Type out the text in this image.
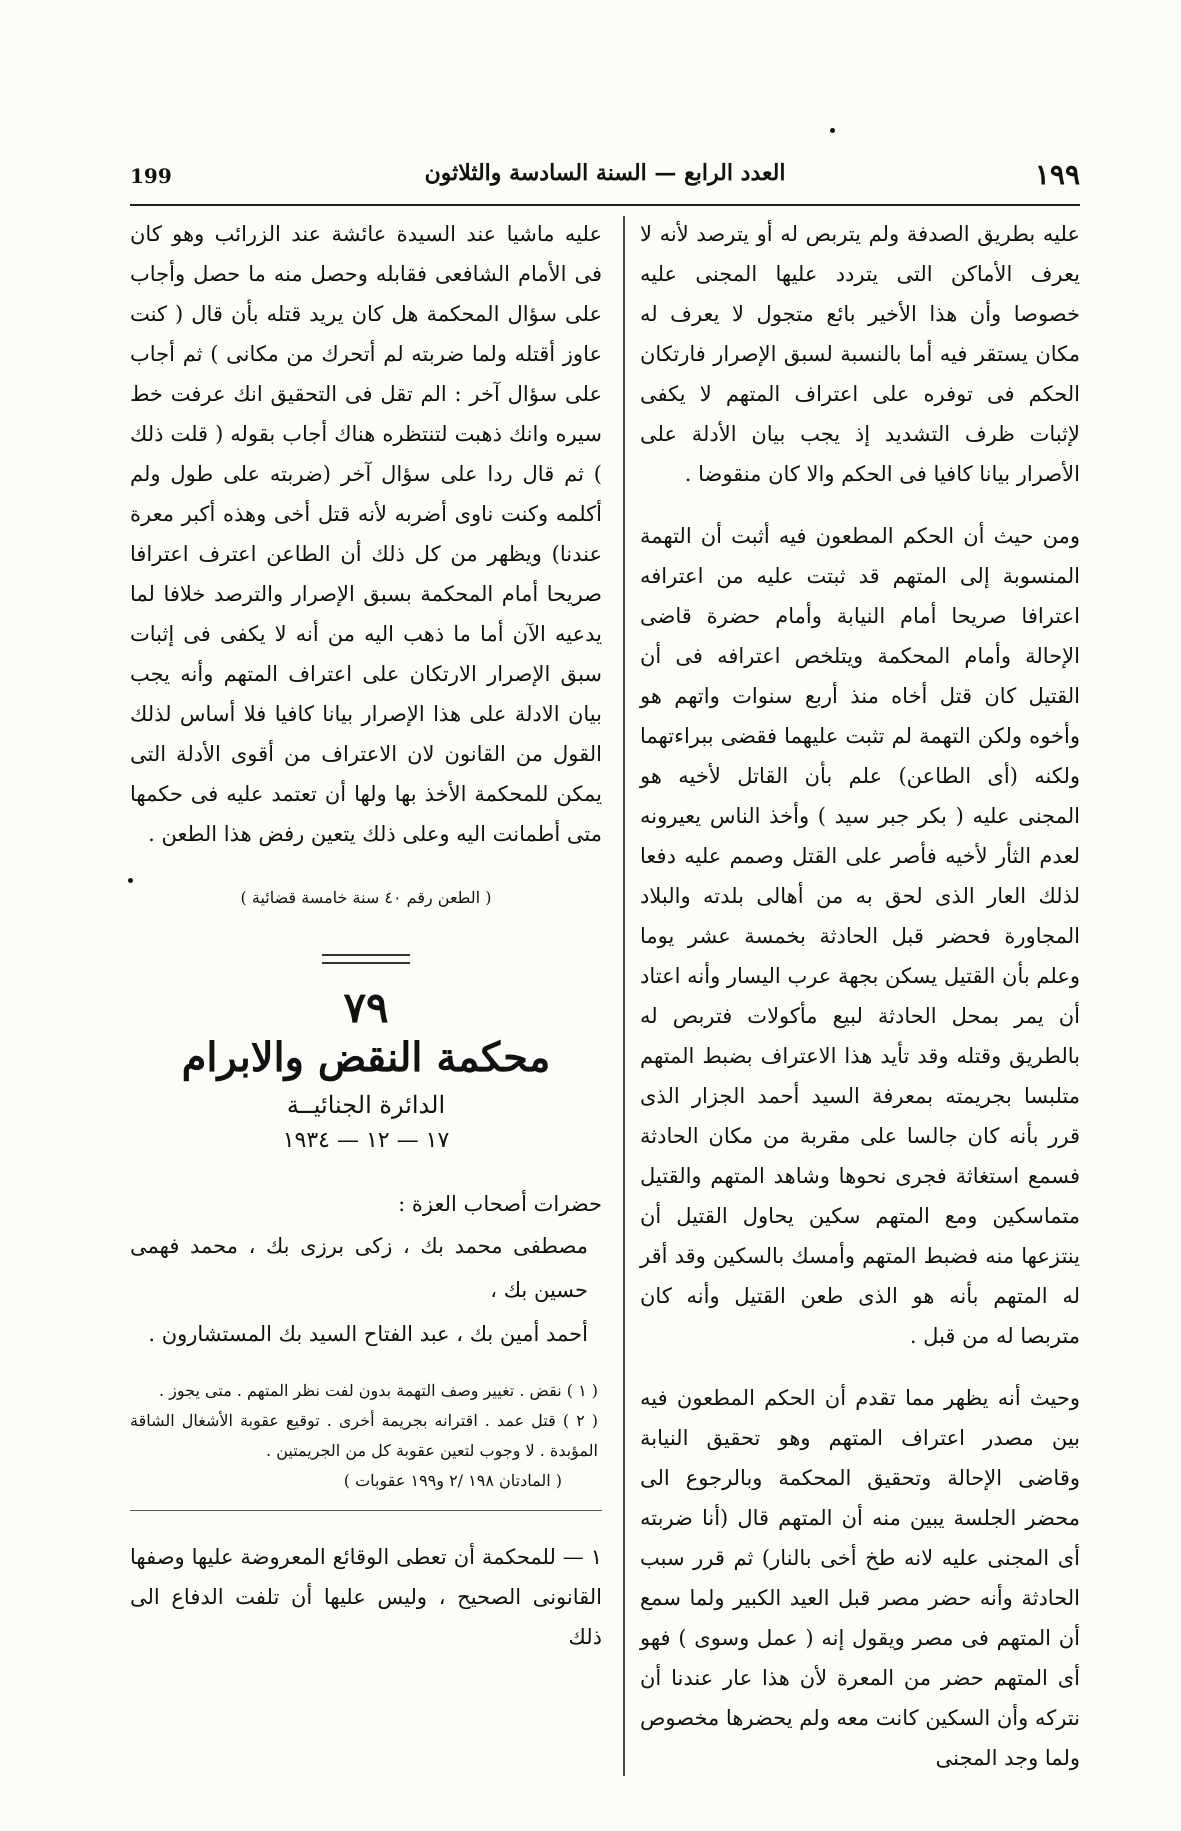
١٩٩
العدد الرابع — السنة السادسة والثلاثون
199

عليه بطريق الصدفة ولم يتربص له أو يترصد لأنه لا يعرف الأماكن التى يتردد عليها المجنى عليه خصوصا وأن هذا الأخير بائع متجول لا يعرف له مكان يستقر فيه أما بالنسبة لسبق الإصرار فارتكان الحكم فى توفره على اعتراف المتهم لا يكفى لإثبات ظرف التشديد إذ يجب بيان الأدلة على الأصرار بيانا كافيا فى الحكم والا كان منقوضا .

ومن حيث أن الحكم المطعون فيه أثبت أن التهمة المنسوبة إلى المتهم قد ثبتت عليه من اعترافه اعترافا صريحا أمام النيابة وأمام حضرة قاضى الإحالة وأمام المحكمة ويتلخص اعترافه فى أن القتيل كان قتل أخاه منذ أربع سنوات واتهم هو وأخوه ولكن التهمة لم تثبت عليهما فقضى ببراءتهما ولكنه (أى الطاعن) علم بأن القاتل لأخيه هو المجنى عليه ( بكر جبر سيد ) وأخذ الناس يعيرونه لعدم الثأر لأخيه فأصر على القتل وصمم عليه دفعا لذلك العار الذى لحق به من أهالى بلدته والبلاد المجاورة فحضر قبل الحادثة بخمسة عشر يوما وعلم بأن القتيل يسكن بجهة عرب اليسار وأنه اعتاد أن يمر بمحل الحادثة لبيع مأكولات فتربص له بالطريق وقتله وقد تأيد هذا الاعتراف بضبط المتهم متلبسا بجريمته بمعرفة السيد أحمد الجزار الذى قرر بأنه كان جالسا على مقربة من مكان الحادثة فسمع استغاثة فجرى نحوها وشاهد المتهم والقتيل متماسكين ومع المتهم سكين يحاول القتيل أن ينتزعها منه فضبط المتهم وأمسك بالسكين وقد أقر له المتهم بأنه هو الذى طعن القتيل وأنه كان متربصا له من قبل .

وحيث أنه يظهر مما تقدم أن الحكم المطعون فيه بين مصدر اعتراف المتهم وهو تحقيق النيابة وقاضى الإحالة وتحقيق المحكمة وبالرجوع الى محضر الجلسة يبين منه أن المتهم قال (أنا ضربته أى المجنى عليه لانه طخ أخى بالنار) ثم قرر سبب الحادثة وأنه حضر مصر قبل العيد الكبير ولما سمع أن المتهم فى مصر ويقول إنه ( عمل وسوى ) فهو أى المتهم حضر من المعرة لأن هذا عار عندنا أن نتركه وأن السكين كانت معه ولم يحضرها مخصوص ولما وجد المجنى

عليه ماشيا عند السيدة عائشة عند الزرائب وهو كان فى الأمام الشافعى فقابله وحصل منه ما حصل وأجاب على سؤال المحكمة هل كان يريد قتله بأن قال ( كنت عاوز أقتله ولما ضربته لم أتحرك من مكانى ) ثم أجاب على سؤال آخر : الم تقل فى التحقيق انك عرفت خط سيره وانك ذهبت لتنتظره هناك أجاب بقوله ( قلت ذلك ) ثم قال ردا على سؤال آخر (ضربته على طول ولم أكلمه وكنت ناوى أضربه لأنه قتل أخى وهذه أكبر معرة عندنا) ويظهر من كل ذلك أن الطاعن اعترف اعترافا صريحا أمام المحكمة بسبق الإصرار والترصد خلافا لما يدعيه الآن أما ما ذهب اليه من أنه لا يكفى فى إثبات سبق الإصرار الارتكان على اعتراف المتهم وأنه يجب بيان الادلة على هذا الإصرار بيانا كافيا فلا أساس لذلك القول من القانون لان الاعتراف من أقوى الأدلة التى يمكن للمحكمة الأخذ بها ولها أن تعتمد عليه فى حكمها متى أطمانت اليه وعلى ذلك يتعين رفض هذا الطعن .

( الطعن رقم ٤٠ سنة خامسة قضائية )
٧٩
محكمة النقض والابرام
الدائرة الجنائيــة
١٧ — ١٢ — ١٩٣٤
حضرات أصحاب العزة :
مصطفى محمد بك ، زكى برزى بك ، محمد فهمى حسين بك ،
أحمد أمين بك ، عبد الفتاح السيد بك المستشارون .
( ١ ) نقض . تغيير وصف التهمة بدون لفت نظر المتهم . متى يجوز .
( ٢ ) قتل عمد . اقترانه بجريمة أخرى . توقيع عقوبة الأشغال الشاقة المؤبدة . لا وجوب لتعين عقوبة كل من الجريمتين .
( المادتان ١٩٨ /٢ و١٩٩ عقوبات )
١ — للمحكمة أن تعطى الوقائع المعروضة عليها وصفها القانونى الصحيح ، وليس عليها أن تلفت الدفاع الى ذلك
